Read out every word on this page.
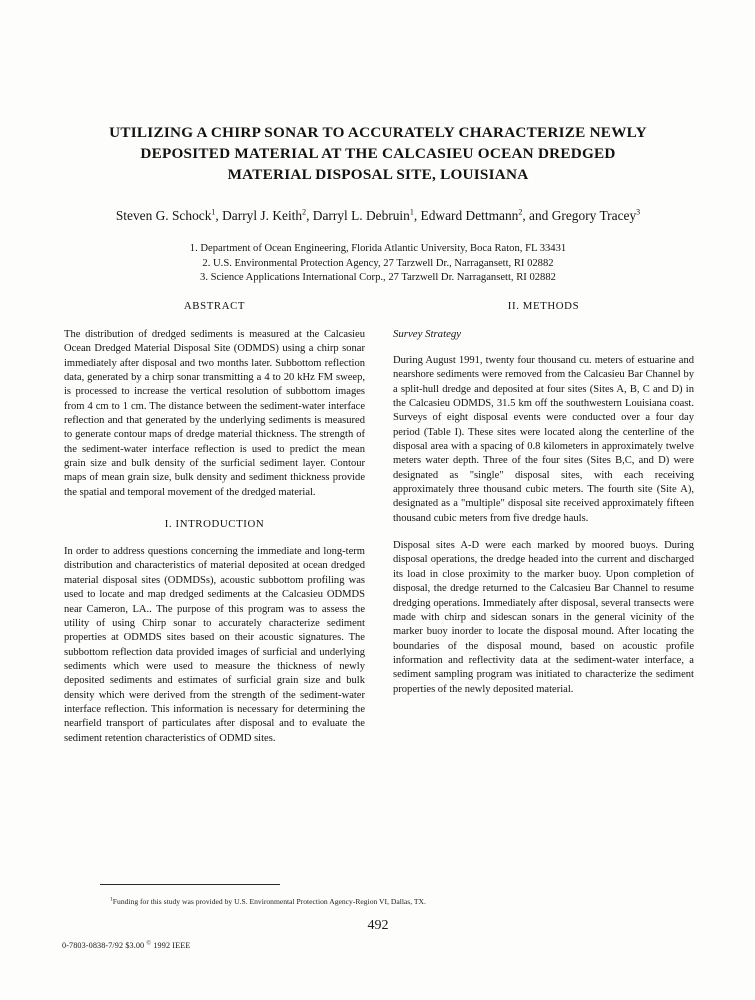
UTILIZING A CHIRP SONAR TO ACCURATELY CHARACTERIZE NEWLY
DEPOSITED MATERIAL AT THE CALCASIEU OCEAN DREDGED
MATERIAL DISPOSAL SITE, LOUISIANA
Steven G. Schock$^1$, Darryl J. Keith$^2$, Darryl L. Debruin$^1$, Edward Dettmann$^2$, and Gregory Tracey$^3$
1. Department of Ocean Engineering, Florida Atlantic University, Boca Raton, FL 33431
2. U.S. Environmental Protection Agency, 27 Tarzwell Dr., Narragansett, RI 02882
3. Science Applications International Corp., 27 Tarzwell Dr. Narragansett, RI 02882
ABSTRACT

The distribution of dredged sediments is measured at the Calcasieu Ocean Dredged Material Disposal Site (ODMDS) using a chirp sonar immediately after disposal and two months later. Subbottom reflection data, generated by a chirp sonar transmitting a 4 to 20 kHz FM sweep, is processed to increase the vertical resolution of subbottom images from 4 cm to 1 cm. The distance between the sediment-water interface reflection and that generated by the underlying sediments is measured to generate contour maps of dredge material thickness. The strength of the sediment-water interface reflection is used to predict the mean grain size and bulk density of the surficial sediment layer. Contour maps of mean grain size, bulk density and sediment thickness provide the spatial and temporal movement of the dredged material.

I. INTRODUCTION

In order to address questions concerning the immediate and long-term distribution and characteristics of material deposited at ocean dredged material disposal sites (ODMDSs), acoustic subbottom profiling was used to locate and map dredged sediments at the Calcasieu ODMDS near Cameron, LA.. The purpose of this program was to assess the utility of using Chirp sonar to accurately characterize sediment properties at ODMDS sites based on their acoustic signatures. The subbottom reflection data provided images of surficial and underlying sediments which were used to measure the thickness of newly deposited sediments and estimates of surficial grain size and bulk density which were derived from the strength of the sediment-water interface reflection. This information is necessary for determining the nearfield transport of particulates after disposal and to evaluate the sediment retention characteristics of ODMD sites.

II. METHODS
Survey Strategy

During August 1991, twenty four thousand cu. meters of estuarine and nearshore sediments were removed from the Calcasieu Bar Channel by a split-hull dredge and deposited at four sites (Sites A, B, C and D) in the Calcasieu ODMDS, 31.5 km off the southwestern Louisiana coast. Surveys of eight disposal events were conducted over a four day period (Table I). These sites were located along the centerline of the disposal area with a spacing of 0.8 kilometers in approximately twelve meters water depth. Three of the four sites (Sites B,C, and D) were designated as "single" disposal sites, with each receiving approximately three thousand cubic meters. The fourth site (Site A), designated as a "multiple" disposal site received approximately fifteen thousand cubic meters from five dredge hauls.

Disposal sites A-D were each marked by moored buoys. During disposal operations, the dredge headed into the current and discharged its load in close proximity to the marker buoy. Upon completion of disposal, the dredge returned to the Calcasieu Bar Channel to resume dredging operations. Immediately after disposal, several transects were made with chirp and sidescan sonars in the general vicinity of the marker buoy inorder to locate the disposal mound. After locating the boundaries of the disposal mound, based on acoustic profile information and reflectivity data at the sediment-water interface, a sediment sampling program was initiated to characterize the sediment properties of the newly deposited material.

$^1$Funding for this study was provided by U.S. Environmental Protection Agency-Region VI, Dallas, TX.
492
0-7803-0838-7/92 $3.00 © 1992 IEEE
